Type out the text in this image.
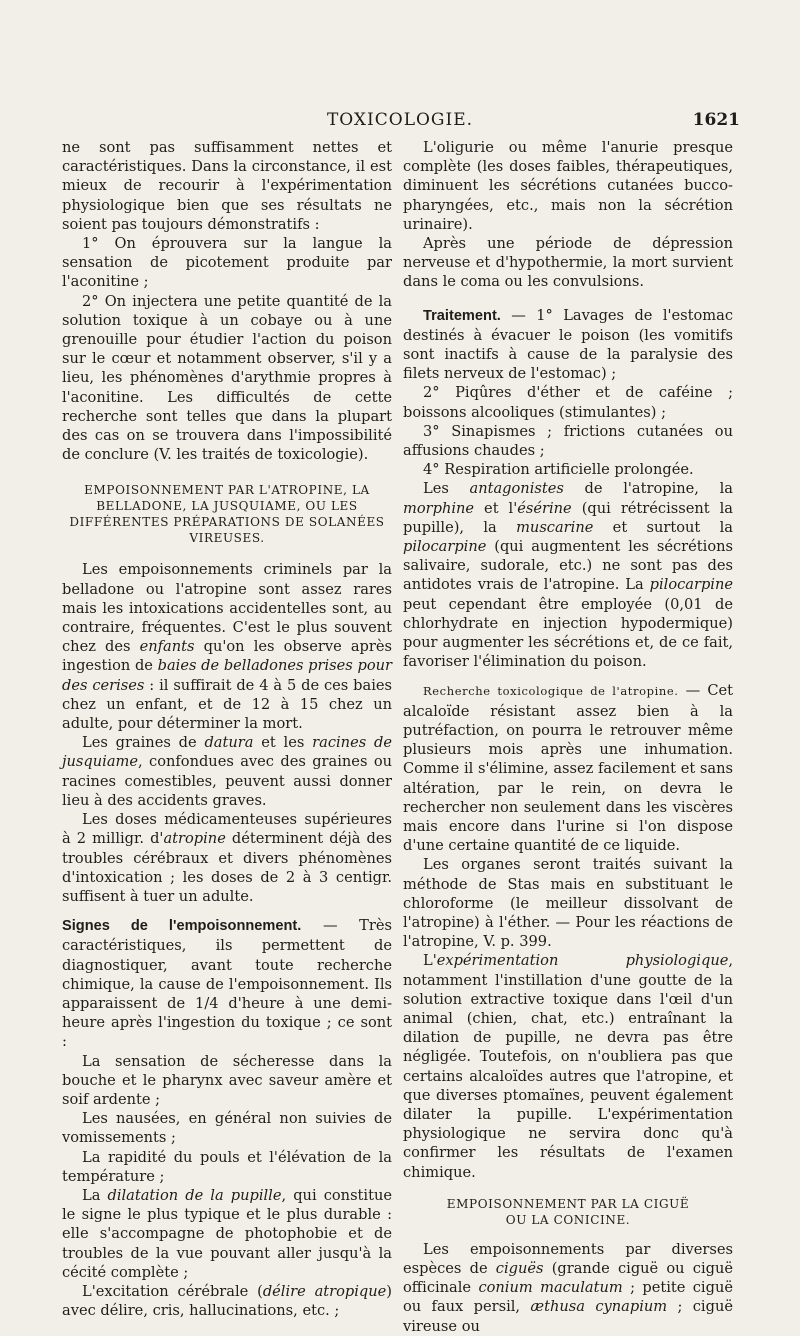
TOXICOLOGIE.	1621

ne sont pas suffisamment nettes et caractéristiques. Dans la circonstance, il est mieux de recourir à l'expérimentation physiologique bien que ses résultats ne soient pas toujours démonstratifs :

1° On éprouvera sur la langue la sensation de picotement produite par l'aconitine ;

2° On injectera une petite quantité de la solution toxique à un cobaye ou à une grenouille pour étudier l'action du poison sur le cœur et notamment observer, s'il y a lieu, les phénomènes d'arythmie propres à l'aconitine. Les difficultés de cette recherche sont telles que dans la plupart des cas on se trouvera dans l'impossibilité de conclure (V. les traités de toxicologie).

EMPOISONNEMENT PAR L'ATROPINE, LA BELLADONE, LA JUSQUIAME, OU LES DIFFÉRENTES PRÉPARATIONS DE SOLANÉES VIREUSES.

Les empoisonnements criminels par la belladone ou l'atropine sont assez rares mais les intoxications accidentelles sont, au contraire, fréquentes. C'est le plus souvent chez des enfants qu'on les observe après ingestion de baies de belladones prises pour des cerises : il suffirait de 4 à 5 de ces baies chez un enfant, et de 12 à 15 chez un adulte, pour déterminer la mort.

Les graines de datura et les racines de jusquiame, confondues avec des graines ou racines comestibles, peuvent aussi donner lieu à des accidents graves.

Les doses médicamenteuses supérieures à 2 milligr. d'atropine déterminent déjà des troubles cérébraux et divers phénomènes d'intoxication ; les doses de 2 à 3 centigr. suffisent à tuer un adulte.

Signes de l'empoisonnement. — Très caractéristiques, ils permettent de diagnostiquer, avant toute recherche chimique, la cause de l'empoisonnement. Ils apparaissent de 1/4 d'heure à une demi-heure après l'ingestion du toxique ; ce sont :

La sensation de sécheresse dans la bouche et le pharynx avec saveur amère et soif ardente ;

Les nausées, en général non suivies de vomissements ;

La rapidité du pouls et l'élévation de la température ;

La dilatation de la pupille, qui constitue le signe le plus typique et le plus durable : elle s'accompagne de photophobie et de troubles de la vue pouvant aller jusqu'à la cécité complète ;

L'excitation cérébrale (délire atropique) avec délire, cris, hallucinations, etc. ;

L'oligurie ou même l'anurie presque complète (les doses faibles, thérapeutiques, diminuent les sécrétions cutanées bucco-pharyngées, etc., mais non la sécrétion urinaire).

Après une période de dépression nerveuse et d'hypothermie, la mort survient dans le coma ou les convulsions.

Traitement. — 1° Lavages de l'estomac destinés à évacuer le poison (les vomitifs sont inactifs à cause de la paralysie des filets nerveux de l'estomac) ;

2° Piqûres d'éther et de caféine ; boissons alcooliques (stimulantes) ;

3° Sinapismes ; frictions cutanées ou affusions chaudes ;

4° Respiration artificielle prolongée.

Les antagonistes de l'atropine, la morphine et l'ésérine (qui rétrécissent la pupille), la muscarine et surtout la pilocarpine (qui augmentent les sécrétions salivaire, sudorale, etc.) ne sont pas des antidotes vrais de l'atropine. La pilocarpine peut cependant être employée (0,01 de chlorhydrate en injection hypodermique) pour augmenter les sécrétions et, de ce fait, favoriser l'élimination du poison.

Recherche toxicologique de l'atropine. — Cet alcaloïde résistant assez bien à la putréfaction, on pourra le retrouver même plusieurs mois après une inhumation. Comme il s'élimine, assez facilement et sans altération, par le rein, on devra le rechercher non seulement dans les viscères mais encore dans l'urine si l'on dispose d'une certaine quantité de ce liquide.

Les organes seront traités suivant la méthode de Stas mais en substituant le chloroforme (le meilleur dissolvant de l'atropine) à l'éther. — Pour les réactions de l'atropine, V. p. 399.

L'expérimentation physiologique, notamment l'instillation d'une goutte de la solution extractive toxique dans l'œil d'un animal (chien, chat, etc.) entraînant la dilation de pupille, ne devra pas être négligée. Toutefois, on n'oubliera pas que certains alcaloïdes autres que l'atropine, et que diverses ptomaïnes, peuvent également dilater la pupille. L'expérimentation physiologique ne servira donc qu'à confirmer les résultats de l'examen chimique.

EMPOISONNEMENT PAR LA CIGUË
OU LA CONICINE.

Les empoisonnements par diverses espèces de ciguës (grande ciguë ou ciguë officinale conium maculatum ; petite ciguë ou faux persil, æthusa cynapium ; ciguë vireuse ou
